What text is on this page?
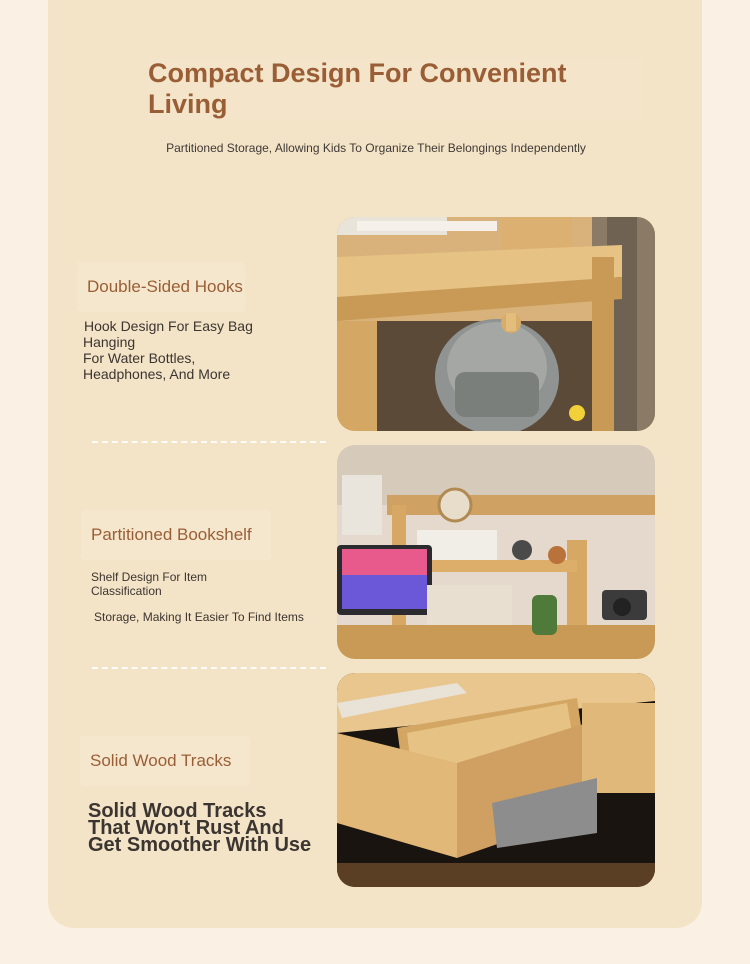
Compact Design For Convenient Living
Partitioned Storage, Allowing Kids To Organize Their Belongings Independently
Double-Sided Hooks
Hook Design For Easy Bag
Hanging
For Water Bottles,
Headphones, And More
Partitioned Bookshelf
Shelf Design For Item
Classification
Storage, Making It Easier To Find Items
Solid Wood Tracks
Solid Wood Tracks
That Won't Rust And
Get Smoother With Use
